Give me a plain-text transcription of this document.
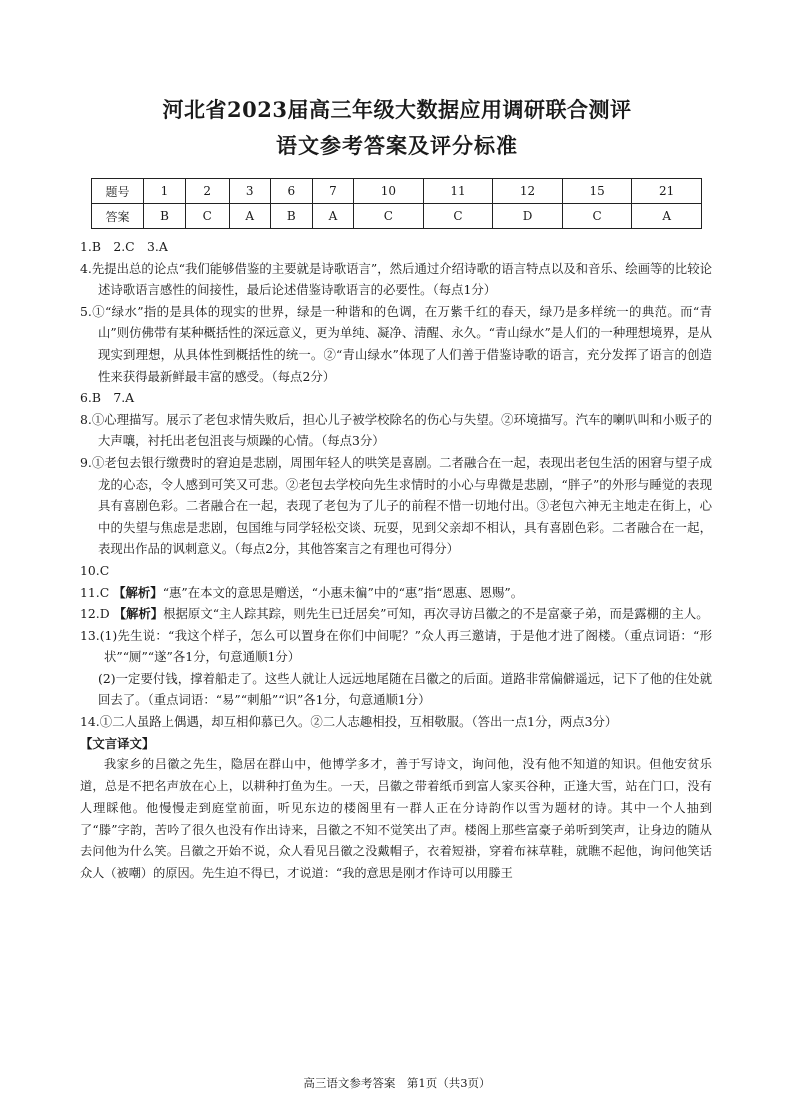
河北省2023届高三年级大数据应用调研联合测评
语文参考答案及评分标准
题号	1	2	3	6	7	10	11	12	15	21
答案	B	C	A	B	A	C	C	D	C	A
1.B　2.C　3.A
4.先提出总的论点“我们能够借鉴的主要就是诗歌语言”，然后通过介绍诗歌的语言特点以及和音乐、绘画等的比较论述诗歌语言感性的间接性，最后论述借鉴诗歌语言的必要性。（每点1分）
5.①“绿水”指的是具体的现实的世界，绿是一种谐和的色调，在万紫千红的春天，绿乃是多样统一的典范。而“青山”则仿佛带有某种概括性的深远意义，更为单纯、凝净、清醒、永久。“青山绿水”是人们的一种理想境界，是从现实到理想，从具体性到概括性的统一。②“青山绿水”体现了人们善于借鉴诗歌的语言，充分发挥了语言的创造性来获得最新鲜最丰富的感受。（每点2分）
6.B　7.A
8.①心理描写。展示了老包求情失败后，担心儿子被学校除名的伤心与失望。②环境描写。汽车的喇叭叫和小贩子的大声嚷，衬托出老包沮丧与烦躁的心情。（每点3分）
9.①老包去银行缴费时的窘迫是悲剧，周围年轻人的哄笑是喜剧。二者融合在一起，表现出老包生活的困窘与望子成龙的心态，令人感到可笑又可悲。②老包去学校向先生求情时的小心与卑微是悲剧，“胖子”的外形与睡觉的表现具有喜剧色彩。二者融合在一起，表现了老包为了儿子的前程不惜一切地付出。③老包六神无主地走在街上，心中的失望与焦虑是悲剧，包国维与同学轻松交谈、玩耍，见到父亲却不相认，具有喜剧色彩。二者融合在一起，表现出作品的讽刺意义。（每点2分，其他答案言之有理也可得分）
10.C
11.C 【解析】“惠”在本文的意思是赠送，“小惠未徧”中的“惠”指“恩惠、恩赐”。
12.D 【解析】根据原文“主人踪其踪，则先生已迁居矣”可知，再次寻访吕徽之的不是富豪子弟，而是露棚的主人。
13.(1)先生说：“我这个样子，怎么可以置身在你们中间呢？”众人再三邀请，于是他才进了阁楼。（重点词语：“形状”“厕”“遂”各1分，句意通顺1分）
(2)一定要付钱，撑着船走了。这些人就让人远远地尾随在吕徽之的后面。道路非常偏僻遥远，记下了他的住处就回去了。（重点词语：“易”“刺船”“识”各1分，句意通顺1分）
14.①二人虽路上偶遇，却互相仰慕已久。②二人志趣相投，互相敬服。（答出一点1分，两点3分）
【文言译文】
我家乡的吕徽之先生，隐居在群山中，他博学多才，善于写诗文，询问他，没有他不知道的知识。但他安贫乐道，总是不把名声放在心上，以耕种打鱼为生。一天，吕徽之带着纸币到富人家买谷种，正逢大雪，站在门口，没有人理睬他。他慢慢走到庭堂前面，听见东边的楼阁里有一群人正在分诗韵作以雪为题材的诗。其中一个人抽到了“滕”字韵，苦吟了很久也没有作出诗来，吕徽之不知不觉笑出了声。楼阁上那些富豪子弟听到笑声，让身边的随从去问他为什么笑。吕徽之开始不说，众人看见吕徽之没戴帽子，衣着短褂，穿着布袜草鞋，就瞧不起他，询问他笑话众人（被嘲）的原因。先生迫不得已，才说道：“我的意思是刚才作诗可以用滕王
高三语文参考答案　第1页（共3页）
